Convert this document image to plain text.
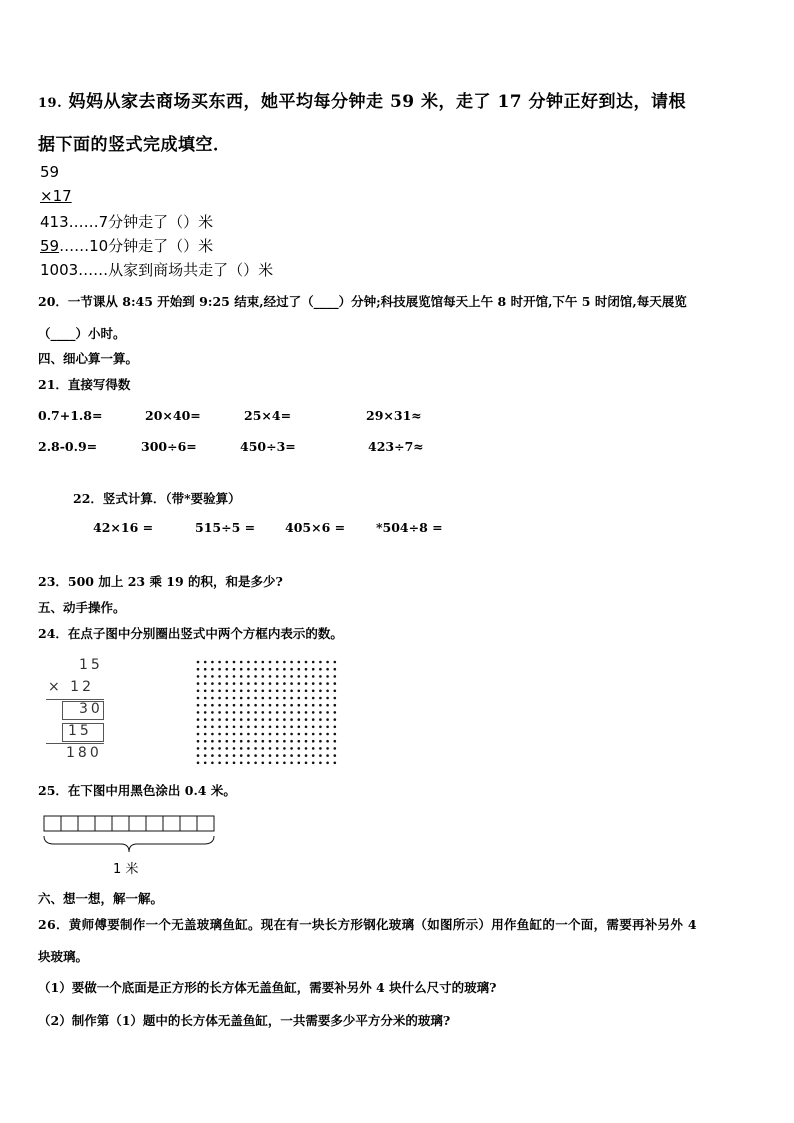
19. 妈妈从家去商场买东西，她平均每分钟走 59 米，走了 17 分钟正好到达，请根
据下面的竖式完成填空．
59
×17
413……7分钟走了（）米
59……10分钟走了（）米
1003……从家到商场共走了（）米
20．一节课从 8:45 开始到 9:25 结束,经过了（____）分钟;科技展览馆每天上午 8 时开馆,下午 5 时闭馆,每天展览
（____）小时。
四、细心算一算。
21．直接写得数
0.7+1.8=	20×40=	25×4=	29×31≈
2.8-0.9=	300÷6=	450÷3=	423÷7≈
22．竖式计算．（带*要验算）
42×16 =	515÷5 = 405×6 = *504÷8 =
23．500 加上 23 乘 19 的积，和是多少?
五、动手操作。
24．在点子图中分别圈出竖式中两个方框内表示的数。
15
× 12
30
15
180
25．在下图中用黑色涂出 0.4 米。
1 米
六、想一想，解一解。
26．黄师傅要制作一个无盖玻璃鱼缸。现在有一块长方形钢化玻璃（如图所示）用作鱼缸的一个面，需要再补另外 4
块玻璃。
（1）要做一个底面是正方形的长方体无盖鱼缸，需要补另外 4 块什么尺寸的玻璃?
（2）制作第（1）题中的长方体无盖鱼缸，一共需要多少平方分米的玻璃?
